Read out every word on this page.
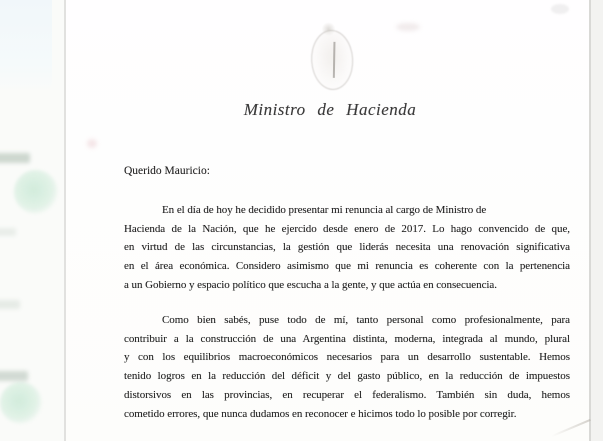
Ministro de Hacienda
Querido Mauricio:
En el día de hoy he decidido presentar mi renuncia al cargo de Ministro de
Hacienda de la Nación, que he ejercido desde enero de 2017. Lo hago convencido de que,
en virtud de las circunstancias, la gestión que liderás necesita una renovación significativa
en el área económica. Considero asimismo que mi renuncia es coherente con la pertenencia
a un Gobierno y espacio político que escucha a la gente, y que actúa en consecuencia.
Como bien sabés, puse todo de mí, tanto personal como profesionalmente, para
contribuir a la construcción de una Argentina distinta, moderna, integrada al mundo, plural
y con los equilibrios macroeconómicos necesarios para un desarrollo sustentable. Hemos
tenido logros en la reducción del déficit y del gasto público, en la reducción de impuestos
distorsivos en las provincias, en recuperar el federalismo. También sin duda, hemos
cometido errores, que nunca dudamos en reconocer e hicimos todo lo posible por corregir.
